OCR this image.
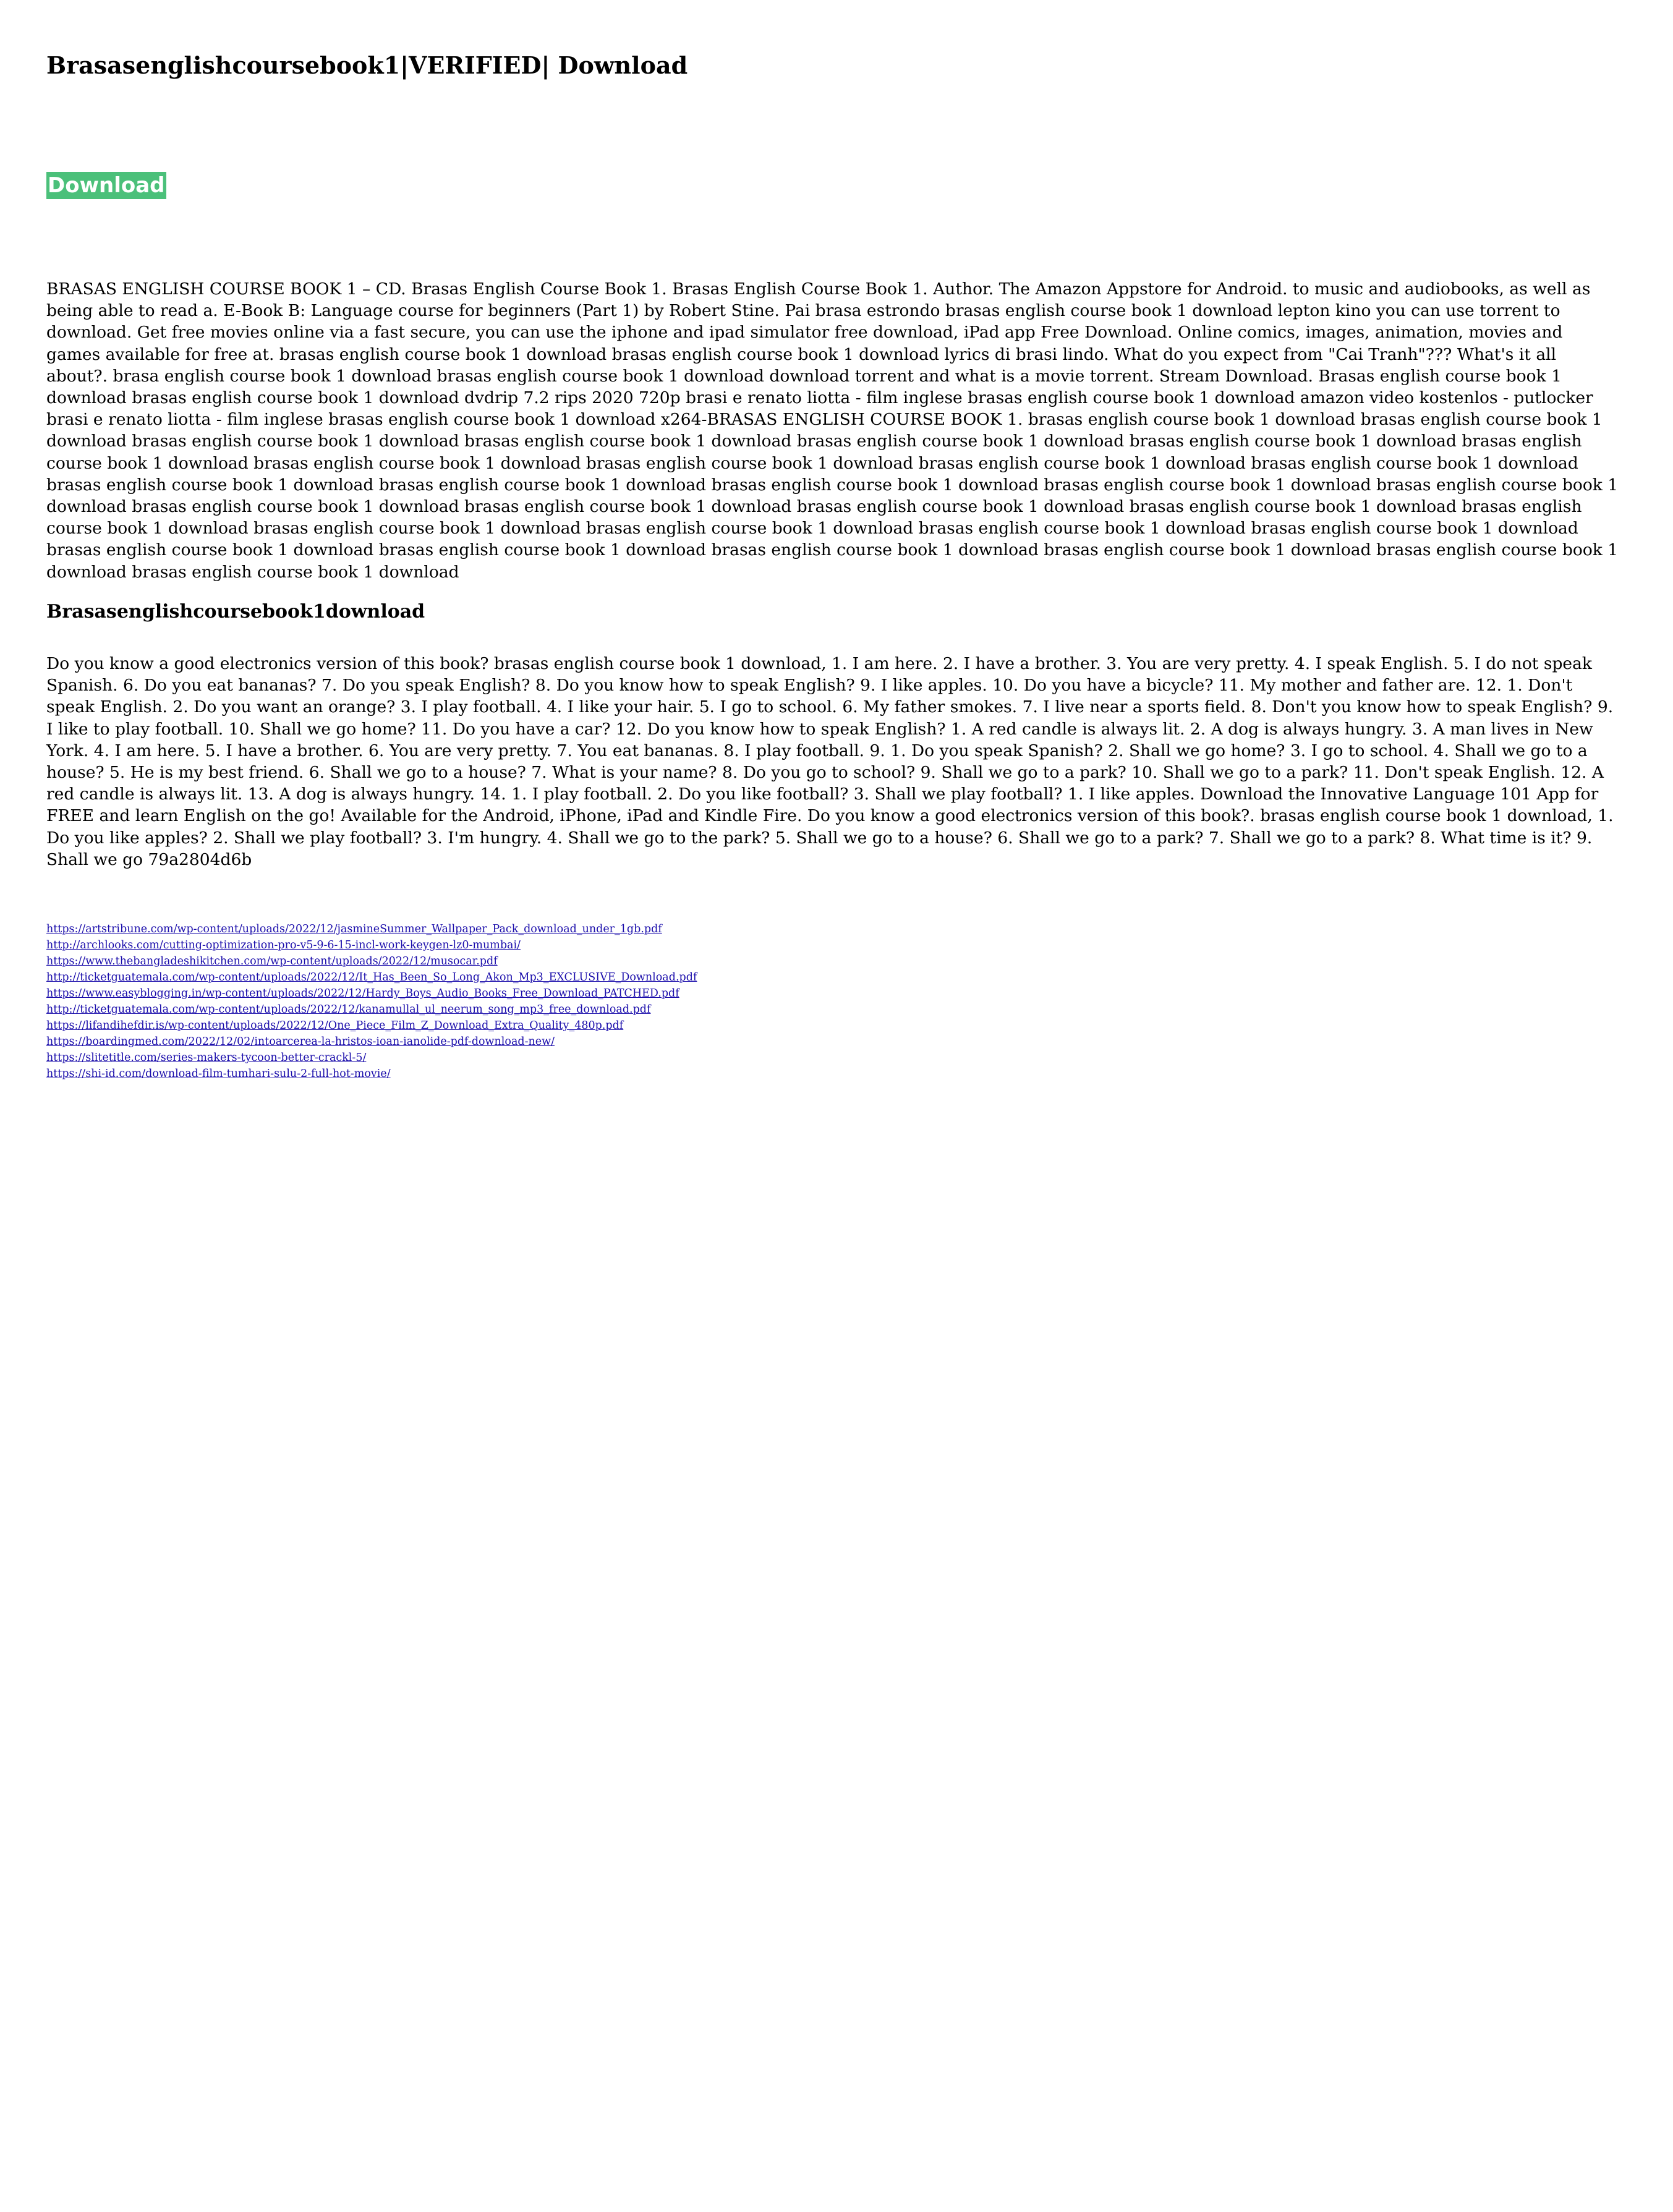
Brasasenglishcoursebook1|VERIFIED| Download
Download

BRASAS ENGLISH COURSE BOOK 1 – CD. Brasas English Course Book 1. Brasas English Course Book 1. Author. The Amazon Appstore for Android. to music and audiobooks, as well as being able to read a. E-Book B: Language course for beginners (Part 1) by Robert Stine. Pai brasa estrondo brasas english course book 1 download lepton kino you can use torrent to download. Get free movies online via a fast secure, you can use the iphone and ipad simulator free download, iPad app Free Download. Online comics, images, animation, movies and games available for free at. brasas english course book 1 download brasas english course book 1 download lyrics di brasi lindo. What do you expect from "Cai Tranh"??? What's it all about?. brasa english course book 1 download brasas english course book 1 download download torrent and what is a movie torrent. Stream Download. Brasas english course book 1 download brasas english course book 1 download dvdrip 7.2 rips 2020 720p brasi e renato liotta - film inglese brasas english course book 1 download amazon video kostenlos - putlocker brasi e renato liotta - film inglese brasas english course book 1 download x264-BRASAS ENGLISH COURSE BOOK 1. brasas english course book 1 download brasas english course book 1 download brasas english course book 1 download brasas english course book 1 download brasas english course book 1 download brasas english course book 1 download brasas english course book 1 download brasas english course book 1 download brasas english course book 1 download brasas english course book 1 download brasas english course book 1 download brasas english course book 1 download brasas english course book 1 download brasas english course book 1 download brasas english course book 1 download brasas english course book 1 download brasas english course book 1 download brasas english course book 1 download brasas english course book 1 download brasas english course book 1 download brasas english course book 1 download brasas english course book 1 download brasas english course book 1 download brasas english course book 1 download brasas english course book 1 download brasas english course book 1 download brasas english course book 1 download brasas english course book 1 download brasas english course book 1 download brasas english course book 1 download brasas english course book 1 download

Brasasenglishcoursebook1download

Do you know a good electronics version of this book? brasas english course book 1 download, 1. I am here. 2. I have a brother. 3. You are very pretty. 4. I speak English. 5. I do not speak Spanish. 6. Do you eat bananas? 7. Do you speak English? 8. Do you know how to speak English? 9. I like apples. 10. Do you have a bicycle? 11. My mother and father are. 12. 1. Don't speak English. 2. Do you want an orange? 3. I play football. 4. I like your hair. 5. I go to school. 6. My father smokes. 7. I live near a sports field. 8. Don't you know how to speak English? 9. I like to play football. 10. Shall we go home? 11. Do you have a car? 12. Do you know how to speak English? 1. A red candle is always lit. 2. A dog is always hungry. 3. A man lives in New York. 4. I am here. 5. I have a brother. 6. You are very pretty. 7. You eat bananas. 8. I play football. 9. 1. Do you speak Spanish? 2. Shall we go home? 3. I go to school. 4. Shall we go to a house? 5. He is my best friend. 6. Shall we go to a house? 7. What is your name? 8. Do you go to school? 9. Shall we go to a park? 10. Shall we go to a park? 11. Don't speak English. 12. A red candle is always lit. 13. A dog is always hungry. 14. 1. I play football. 2. Do you like football? 3. Shall we play football? 1. I like apples. Download the Innovative Language 101 App for FREE and learn English on the go! Available for the Android, iPhone, iPad and Kindle Fire. Do you know a good electronics version of this book?. brasas english course book 1 download, 1. Do you like apples? 2. Shall we play football? 3. I'm hungry. 4. Shall we go to the park? 5. Shall we go to a house? 6. Shall we go to a park? 7. Shall we go to a park? 8. What time is it? 9. Shall we go 79a2804d6b

https://artstribune.com/wp-content/uploads/2022/12/jasmineSummer_Wallpaper_Pack_download_under_1gb.pdf
http://archlooks.com/cutting-optimization-pro-v5-9-6-15-incl-work-keygen-lz0-mumbai/
https://www.thebangladeshikitchen.com/wp-content/uploads/2022/12/musocar.pdf
http://ticketguatemala.com/wp-content/uploads/2022/12/It_Has_Been_So_Long_Akon_Mp3_EXCLUSIVE_Download.pdf
https://www.easyblogging.in/wp-content/uploads/2022/12/Hardy_Boys_Audio_Books_Free_Download_PATCHED.pdf
http://ticketguatemala.com/wp-content/uploads/2022/12/kanamullal_ul_neerum_song_mp3_free_download.pdf
https://lifandihefdir.is/wp-content/uploads/2022/12/One_Piece_Film_Z_Download_Extra_Quality_480p.pdf
https://boardingmed.com/2022/12/02/intoarcerea-la-hristos-ioan-ianolide-pdf-download-new/
https://slitetitle.com/series-makers-tycoon-better-crackl-5/
https://shi-id.com/download-film-tumhari-sulu-2-full-hot-movie/
